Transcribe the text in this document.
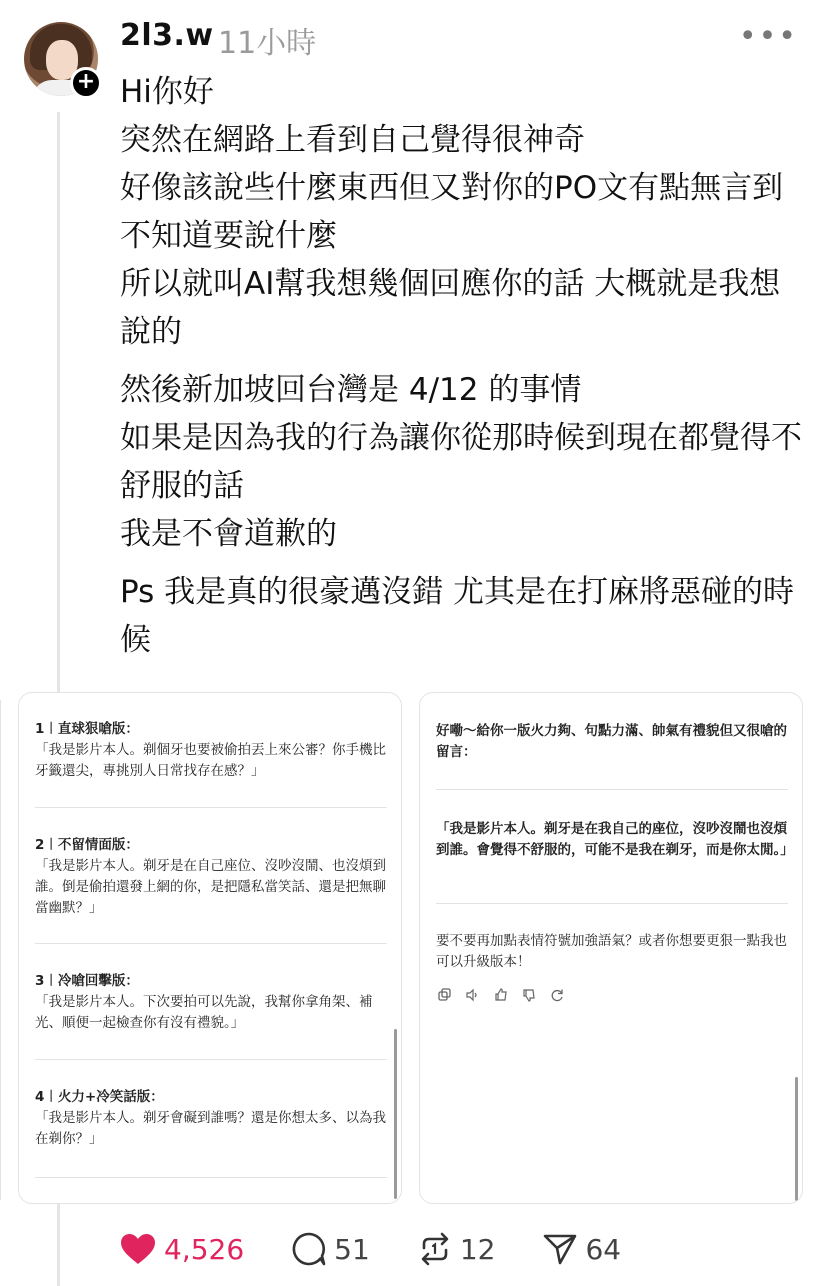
+
2l3.w 11小時	•••

Hi你好

突然在網路上看到自己覺得很神奇

好像該說些什麼東西但又對你的PO文有點無言到不知道要說什麼

所以就叫AI幫我想幾個回應你的話 大概就是我想說的

然後新加坡回台灣是 4/12 的事情

如果是因為我的行為讓你從那時候到現在都覺得不舒服的話

我是不會道歉的

Ps 我是真的很豪邁沒錯 尤其是在打麻將惡碰的時候

1︱直球狠嗆版：
「我是影片本人。剃個牙也要被偷拍丟上來公審？你手機比牙籤還尖，專挑別人日常找存在感？」
2︱不留情面版：
「我是影片本人。剃牙是在自己座位、沒吵沒鬧、也沒煩到誰。倒是偷拍還發上網的你，是把隱私當笑話、還是把無聊當幽默？」
3︱冷嗆回擊版：
「我是影片本人。下次要拍可以先說，我幫你拿角架、補光、順便一起檢查你有沒有禮貌。」
4︱火力+冷笑話版：
「我是影片本人。剃牙會礙到誰嗎？還是你想太多、以為我在剃你？」
好嘞～給你一版火力夠、句點力滿、帥氣有禮貌但又很嗆的留言：
「我是影片本人。剃牙是在我自己的座位，沒吵沒鬧也沒煩到誰。會覺得不舒服的，可能不是我在剃牙，而是你太閒。」
要不要再加點表情符號加強語氣？或者你想要更狠一點我也可以升級版本！
4,526	51	12	64
